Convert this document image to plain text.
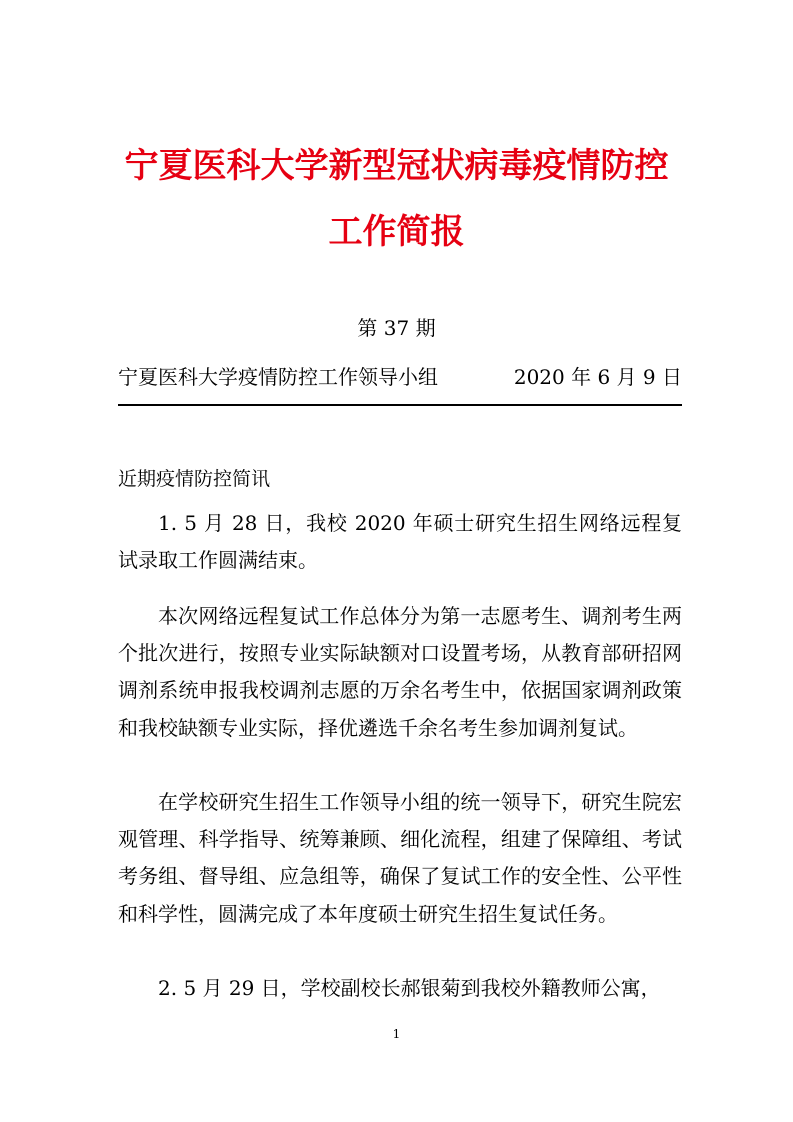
宁夏医科大学新型冠状病毒疫情防控
工作简报
第 37 期
宁夏医科大学疫情防控工作领导小组	2020 年 6 月 9 日
近期疫情防控简讯

1. 5 月 28 日，我校 2020 年硕士研究生招生网络远程复试录取工作圆满结束。

本次网络远程复试工作总体分为第一志愿考生、调剂考生两个批次进行，按照专业实际缺额对口设置考场，从教育部研招网调剂系统申报我校调剂志愿的万余名考生中，依据国家调剂政策和我校缺额专业实际，择优遴选千余名考生参加调剂复试。

在学校研究生招生工作领导小组的统一领导下，研究生院宏观管理、科学指导、统筹兼顾、细化流程，组建了保障组、考试考务组、督导组、应急组等，确保了复试工作的安全性、公平性和科学性，圆满完成了本年度硕士研究生招生复试任务。

2. 5 月 29 日，学校副校长郝银菊到我校外籍教师公寓，

1
